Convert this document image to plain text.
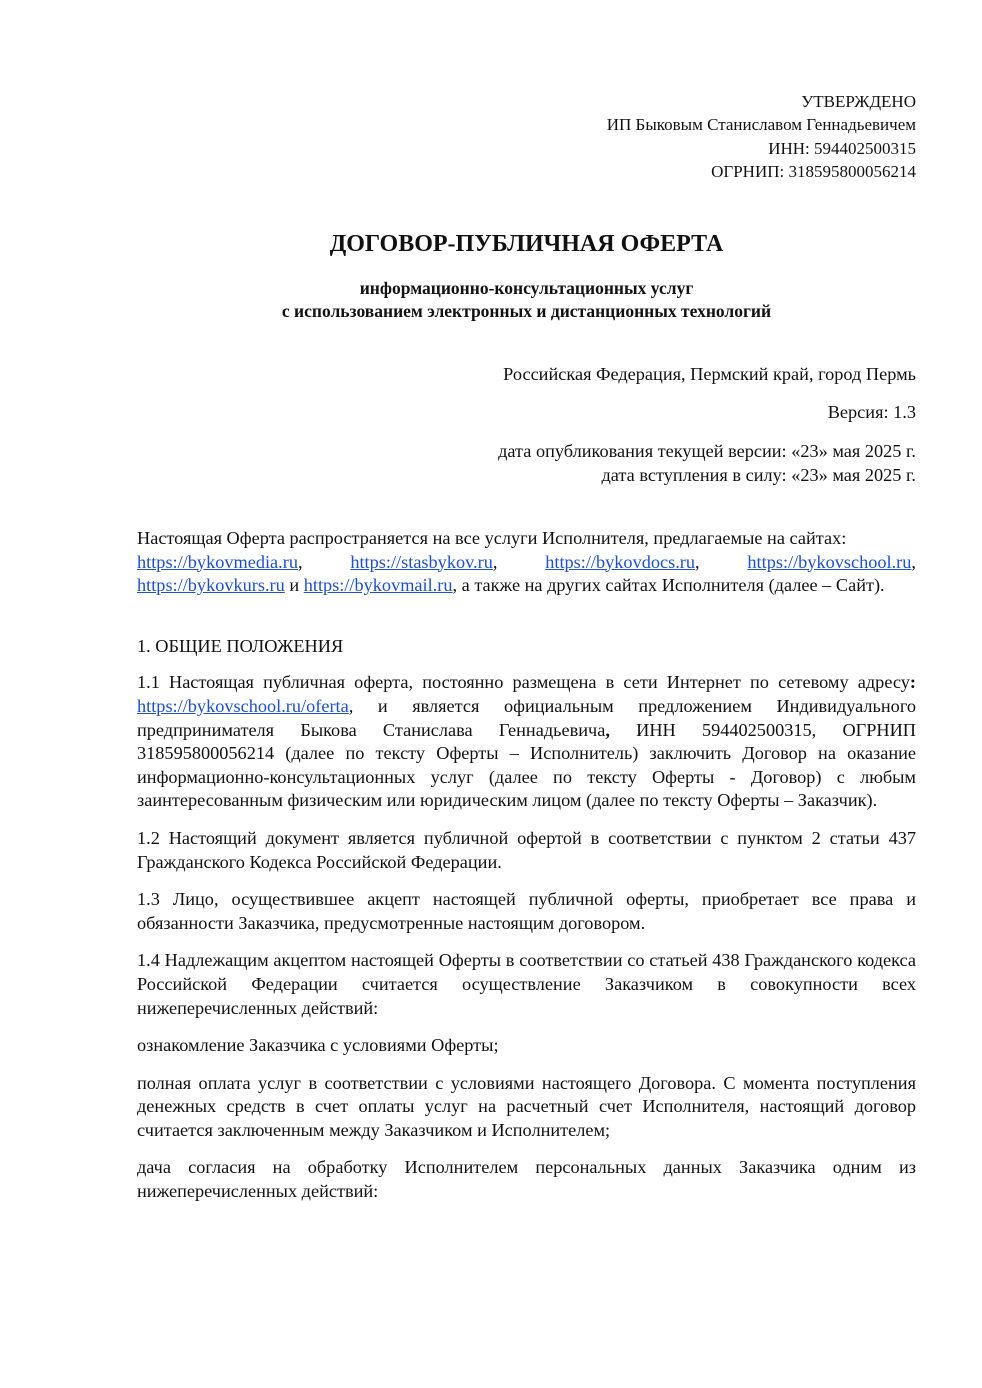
УТВЕРЖДЕНО
ИП Быковым Станиславом Геннадьевичем
ИНН: 594402500315
ОГРНИП: 318595800056214
ДОГОВОР-ПУБЛИЧНАЯ ОФЕРТА
информационно-консультационных услуг
с использованием электронных и дистанционных технологий
Российская Федерация, Пермский край, город Пермь
Версия: 1.3
дата опубликования текущей версии: «23» мая 2025 г.
дата вступления в силу: «23» мая 2025 г.
Настоящая Оферта распространяется на все услуги Исполнителя, предлагаемые на сайтах:
https://bykovmedia.ru,	https://stasbykov.ru,	https://bykovdocs.ru,	https://bykovschool.ru,
https://bykovkurs.ru и https://bykovmail.ru, а также на других сайтах Исполнителя (далее – Сайт).
1. ОБЩИЕ ПОЛОЖЕНИЯ
1.1 Настоящая публичная оферта, постоянно размещена в сети Интернет по сетевому адресу: https://bykovschool.ru/oferta, и является официальным предложением Индивидуального предпринимателя Быкова Станислава Геннадьевича, ИНН 594402500315, ОГРНИП 318595800056214 (далее по тексту Оферты – Исполнитель) заключить Договор на оказание информационно-консультационных услуг (далее по тексту Оферты - Договор) с любым заинтересованным физическим или юридическим лицом (далее по тексту Оферты – Заказчик).
1.2 Настоящий документ является публичной офертой в соответствии с пунктом 2 статьи 437 Гражданского Кодекса Российской Федерации.
1.3 Лицо, осуществившее акцепт настоящей публичной оферты, приобретает все права и обязанности Заказчика, предусмотренные настоящим договором.
1.4 Надлежащим акцептом настоящей Оферты в соответствии со статьей 438 Гражданского кодекса Российской Федерации считается осуществление Заказчиком в совокупности всех нижеперечисленных действий:
ознакомление Заказчика с условиями Оферты;
полная оплата услуг в соответствии с условиями настоящего Договора. С момента поступления денежных средств в счет оплаты услуг на расчетный счет Исполнителя, настоящий договор считается заключенным между Заказчиком и Исполнителем;
дача согласия на обработку Исполнителем персональных данных Заказчика одним из нижеперечисленных действий:
